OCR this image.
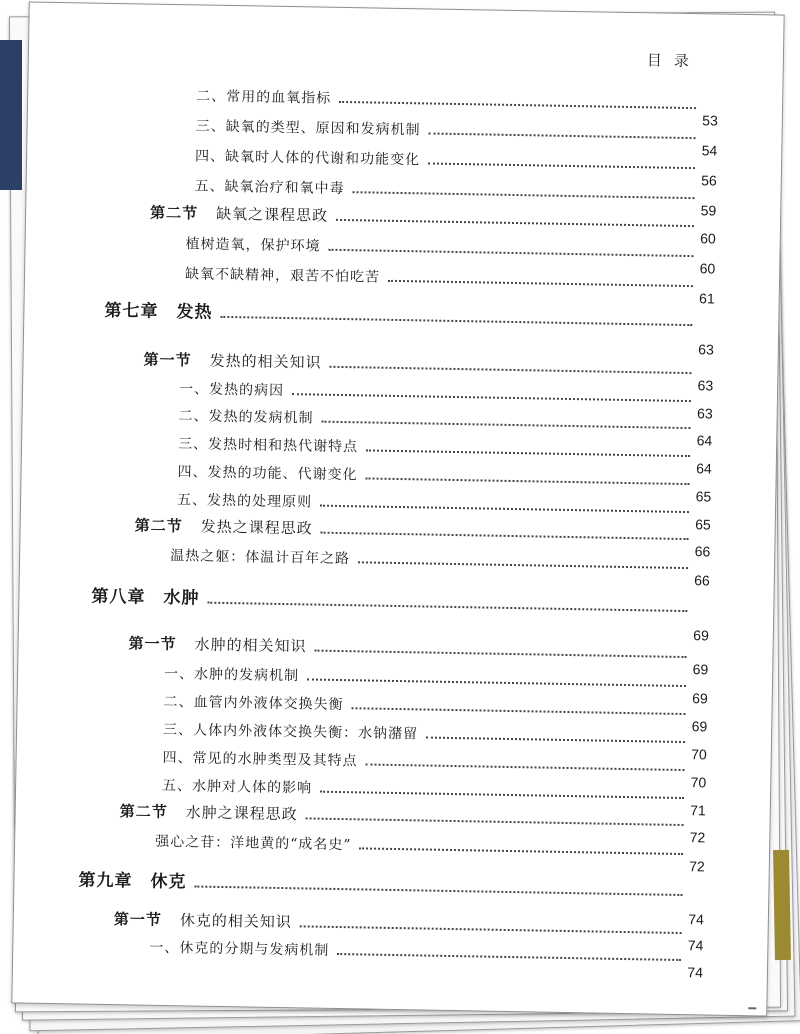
目录
二、常用的血氧指标
53
三、缺氧的类型、原因和发病机制
54
四、缺氧时人体的代谢和功能变化
56
五、缺氧治疗和氧中毒
59
第二节 缺氧之课程思政
60
植树造氧，保护环境
60
缺氧不缺精神，艰苦不怕吃苦
61
第七章 发热
63
第一节 发热的相关知识
63
一、发热的病因
63
二、发热的发病机制
64
三、发热时相和热代谢特点
64
四、发热的功能、代谢变化
65
五、发热的处理原则
65
第二节 发热之课程思政
66
温热之躯：体温计百年之路
66
第八章 水肿
69
第一节 水肿的相关知识
69
一、水肿的发病机制
69
二、血管内外液体交换失衡
69
三、人体内外液体交换失衡：水钠潴留
70
四、常见的水肿类型及其特点
70
五、水肿对人体的影响
71
第二节 水肿之课程思政
72
强心之苷：洋地黄的“成名史”
72
第九章 休克
74
第一节 休克的相关知识
74
一、休克的分期与发病机制
74
